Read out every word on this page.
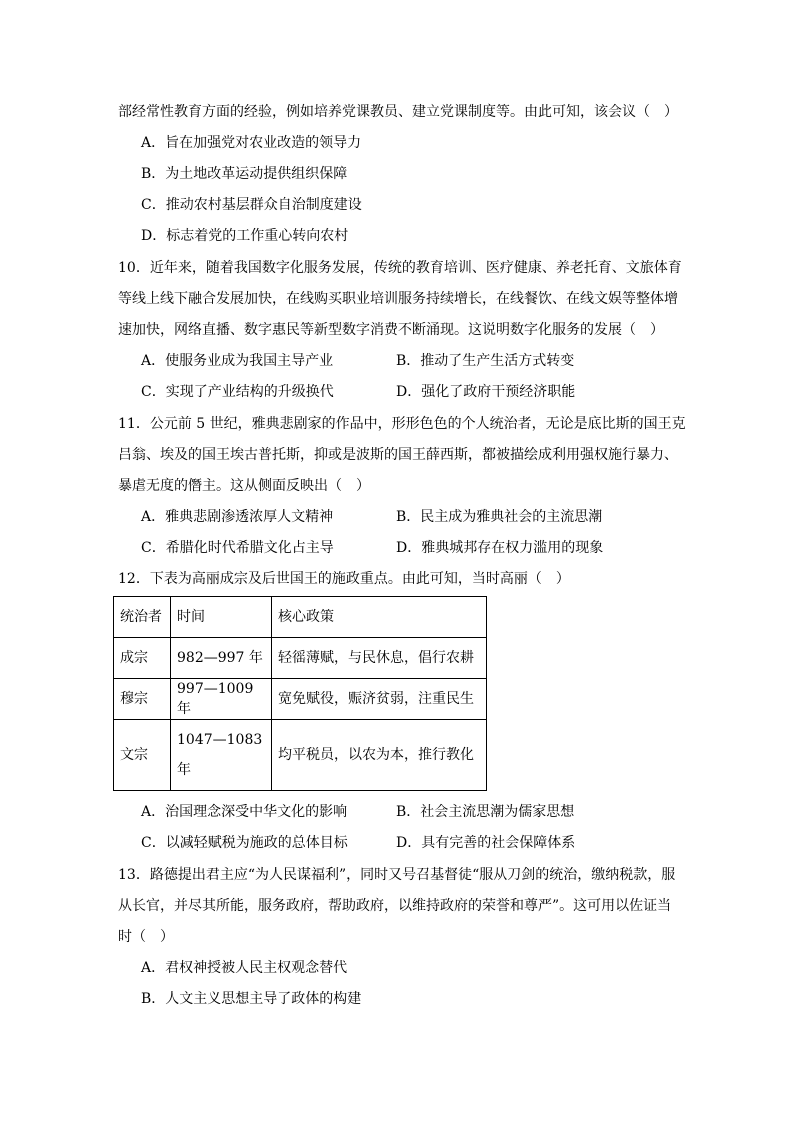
部经常性教育方面的经验，例如培养党课教员、建立党课制度等。由此可知，该会议（　）
A．旨在加强党对农业改造的领导力
B．为土地改革运动提供组织保障
C．推动农村基层群众自治制度建设
D．标志着党的工作重心转向农村
10．近年来，随着我国数字化服务发展，传统的教育培训、医疗健康、养老托育、文旅体育
等线上线下融合发展加快，在线购买职业培训服务持续增长，在线餐饮、在线文娱等整体增
速加快，网络直播、数字惠民等新型数字消费不断涌现。这说明数字化服务的发展（　）
A．使服务业成为我国主导产业	B．推动了生产生活方式转变
C．实现了产业结构的升级换代	D．强化了政府干预经济职能
11．公元前 5 世纪，雅典悲剧家的作品中，形形色色的个人统治者，无论是底比斯的国王克
吕翁、埃及的国王埃古普托斯，抑或是波斯的国王薛西斯，都被描绘成利用强权施行暴力、
暴虐无度的僭主。这从侧面反映出（　）
A．雅典悲剧渗透浓厚人文精神	B．民主成为雅典社会的主流思潮
C．希腊化时代希腊文化占主导	D．雅典城邦存在权力滥用的现象
12．下表为高丽成宗及后世国王的施政重点。由此可知，当时高丽（　）
统治者	时间	核心政策
成宗	982—997 年	轻徭薄赋，与民休息，倡行农耕
穆宗	997—1009 年	宽免赋役，赈济贫弱，注重民生
文宗	1047—1083 年	均平税员，以农为本，推行教化
A．治国理念深受中华文化的影响	B．社会主流思潮为儒家思想
C．以减轻赋税为施政的总体目标	D．具有完善的社会保障体系
13．路德提出君主应“为人民谋福利”，同时又号召基督徒“服从刀剑的统治，缴纳税款，服
从长官，并尽其所能，服务政府，帮助政府，以维持政府的荣誉和尊严”。这可用以佐证当
时（　）
A．君权神授被人民主权观念替代
B．人文主义思想主导了政体的构建
